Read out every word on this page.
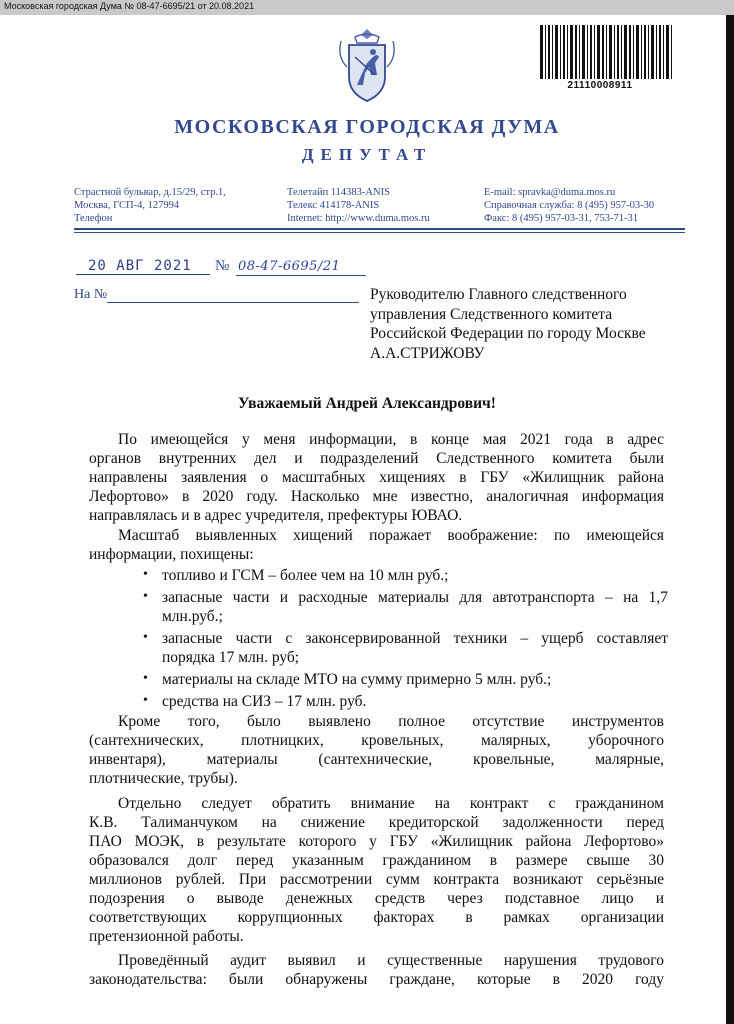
Московская городская Дума № 08-47-6695/21 от 20.08.2021
21110008911
МОСКОВСКАЯ ГОРОДСКАЯ ДУМА
ДЕПУТАТ
Страстной бульвар, д.15/29, стр.1,
Москва, ГСП-4, 127994
Телефон
Телетайп 114383-ANIS
Телекс 414178-ANIS
Internet: http://www.duma.mos.ru
E-mail: spravka@duma.mos.ru
Справочная служба: 8 (495) 957-03-30
Факс: 8 (495) 957-03-31, 753-71-31
20 АВГ 2021 № 08-47-6695/21
На №	Руководителю Главного следственного
управления Следственного комитета
Российской Федерации по городу Москве
А.А.СТРИЖОВУ
Уважаемый Андрей Александрович!
По имеющейся у меня информации, в конце мая 2021 года в адрес
органов внутренних дел и подразделений Следственного комитета были
направлены заявления о масштабных хищениях в ГБУ «Жилищник района
Лефортово» в 2020 году. Насколько мне известно, аналогичная информация
направлялась и в адрес учредителя, префектуры ЮВАО.
Масштаб выявленных хищений поражает воображение: по имеющейся
информации, похищены:
• топливо и ГСМ – более чем на 10 млн руб.;
• запасные части и расходные материалы для автотранспорта – на 1,7
млн.руб.;
• запасные части с законсервированной техники – ущерб составляет
порядка 17 млн. руб;
• материалы на складе МТО на сумму примерно 5 млн. руб.;
• средства на СИЗ – 17 млн. руб.
Кроме того, было выявлено полное отсутствие инструментов
(сантехнических, плотницких, кровельных, малярных, уборочного
инвентаря), материалы (сантехнические, кровельные, малярные,
плотнические, трубы).
Отдельно следует обратить внимание на контракт с гражданином
К.В. Талиманчуком на снижение кредиторской задолженности перед
ПАО МОЭК, в результате которого у ГБУ «Жилищник района Лефортово»
образовался долг перед указанным гражданином в размере свыше 30
миллионов рублей. При рассмотрении сумм контракта возникают серьёзные
подозрения о выводе денежных средств через подставное лицо и
соответствующих коррупционных факторах в рамках организации
претензионной работы.
Проведённый аудит выявил и существенные нарушения трудового
законодательства: были обнаружены граждане, которые в 2020 году
